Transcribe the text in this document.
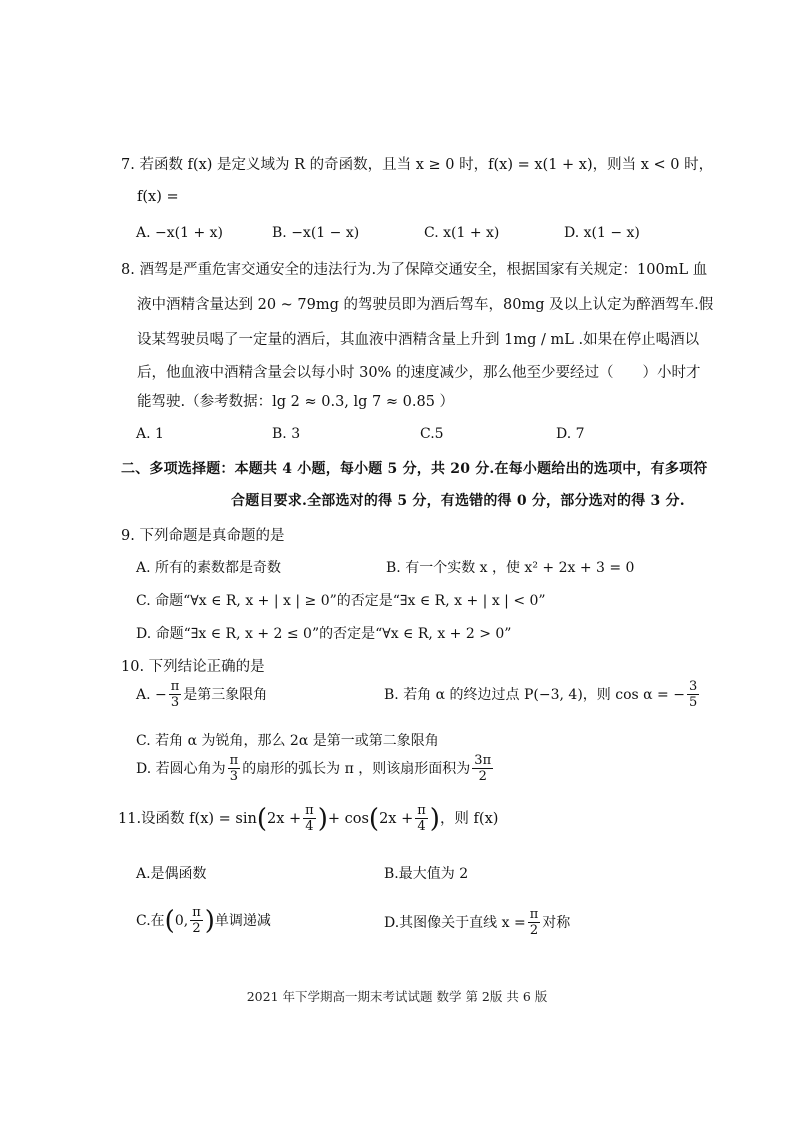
7. 若函数 f(x) 是定义域为 R 的奇函数，且当 x ≥ 0 时，f(x) = x(1 + x)，则当 x < 0 时，
f(x) =
A. −x(1 + x)	B. −x(1 − x)	C. x(1 + x)	D. x(1 − x)
8. 酒驾是严重危害交通安全的违法行为.为了保障交通安全，根据国家有关规定：100mL 血
液中酒精含量达到 20 ~ 79mg 的驾驶员即为酒后驾车，80mg 及以上认定为醉酒驾车.假
设某驾驶员喝了一定量的酒后，其血液中酒精含量上升到 1mg / mL .如果在停止喝酒以
后，他血液中酒精含量会以每小时 30% 的速度减少，那么他至少要经过（　　）小时才
能驾驶.（参考数据：lg 2 ≈ 0.3, lg 7 ≈ 0.85 ）
A. 1	B. 3	C.5	D. 7
二、多项选择题：本题共 4 小题，每小题 5 分，共 20 分.在每小题给出的选项中，有多项符
合题目要求.全部选对的得 5 分，有选错的得 0 分，部分选对的得 3 分.
9. 下列命题是真命题的是
A. 所有的素数都是奇数	B. 有一个实数 x ，使 x² + 2x + 3 = 0
C. 命题“∀x ∈ R, x + | x | ≥ 0”的否定是“∃x ∈ R, x + | x | < 0”
D. 命题“∃x ∈ R, x + 2 ≤ 0”的否定是“∀x ∈ R, x + 2 > 0”
10. 下列结论正确的是
A. − $\frac{\pi}{3}$ 是第三象限角	B. 若角 α 的终边过点 P(−3, 4)，则 cos α = − $\frac{3}{5}$
C. 若角 α 为锐角，那么 2α 是第一或第二象限角
D. 若圆心角为 $\frac{\pi}{3}$ 的扇形的弧长为 π ，则该扇形面积为 $\frac{3\pi}{2}$
11.设函数 f(x) = sin ( $2x + \frac{\pi}{4}$ ) + cos ( $2x + \frac{\pi}{4}$ ) ，则 f(x)
A.是偶函数	B.最大值为 2
C.在 ( 0, $\frac{\pi}{2}$ ) 单调递减	D.其图像关于直线 $x = \frac{\pi}{2}$ 对称
2021 年下学期高一期末考试试题 数学 第 2版 共 6 版
